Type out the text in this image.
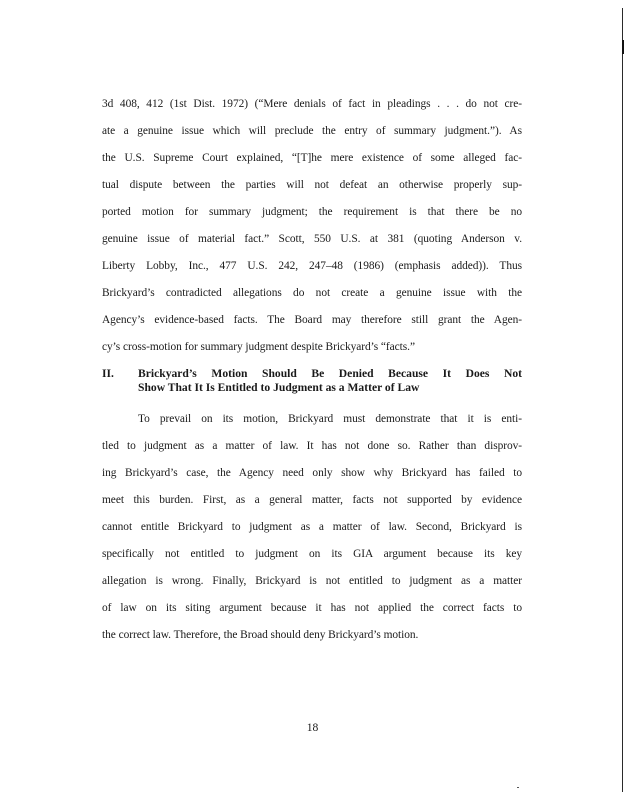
3d 408, 412 (1st Dist. 1972) (“Mere denials of fact in pleadings . . . do not cre-
ate a genuine issue which will preclude the entry of summary judgment.”). As
the U.S. Supreme Court explained, “[T]he mere existence of some alleged fac-
tual dispute between the parties will not defeat an otherwise properly sup-
ported motion for summary judgment; the requirement is that there be no
genuine issue of material fact.” Scott, 550 U.S. at 381 (quoting Anderson v.
Liberty Lobby, Inc., 477 U.S. 242, 247–48 (1986) (emphasis added)). Thus
Brickyard’s contradicted allegations do not create a genuine issue with the
Agency’s evidence-based facts. The Board may therefore still grant the Agen-
cy’s cross-motion for summary judgment despite Brickyard’s “facts.”
II. Brickyard’s Motion Should Be Denied Because It Does Not
Show That It Is Entitled to Judgment as a Matter of Law
To prevail on its motion, Brickyard must demonstrate that it is enti-
tled to judgment as a matter of law. It has not done so. Rather than disprov-
ing Brickyard’s case, the Agency need only show why Brickyard has failed to
meet this burden. First, as a general matter, facts not supported by evidence
cannot entitle Brickyard to judgment as a matter of law. Second, Brickyard is
specifically not entitled to judgment on its GIA argument because its key
allegation is wrong. Finally, Brickyard is not entitled to judgment as a matter
of law on its siting argument because it has not applied the correct facts to
the correct law. Therefore, the Broad should deny Brickyard’s motion.
18
